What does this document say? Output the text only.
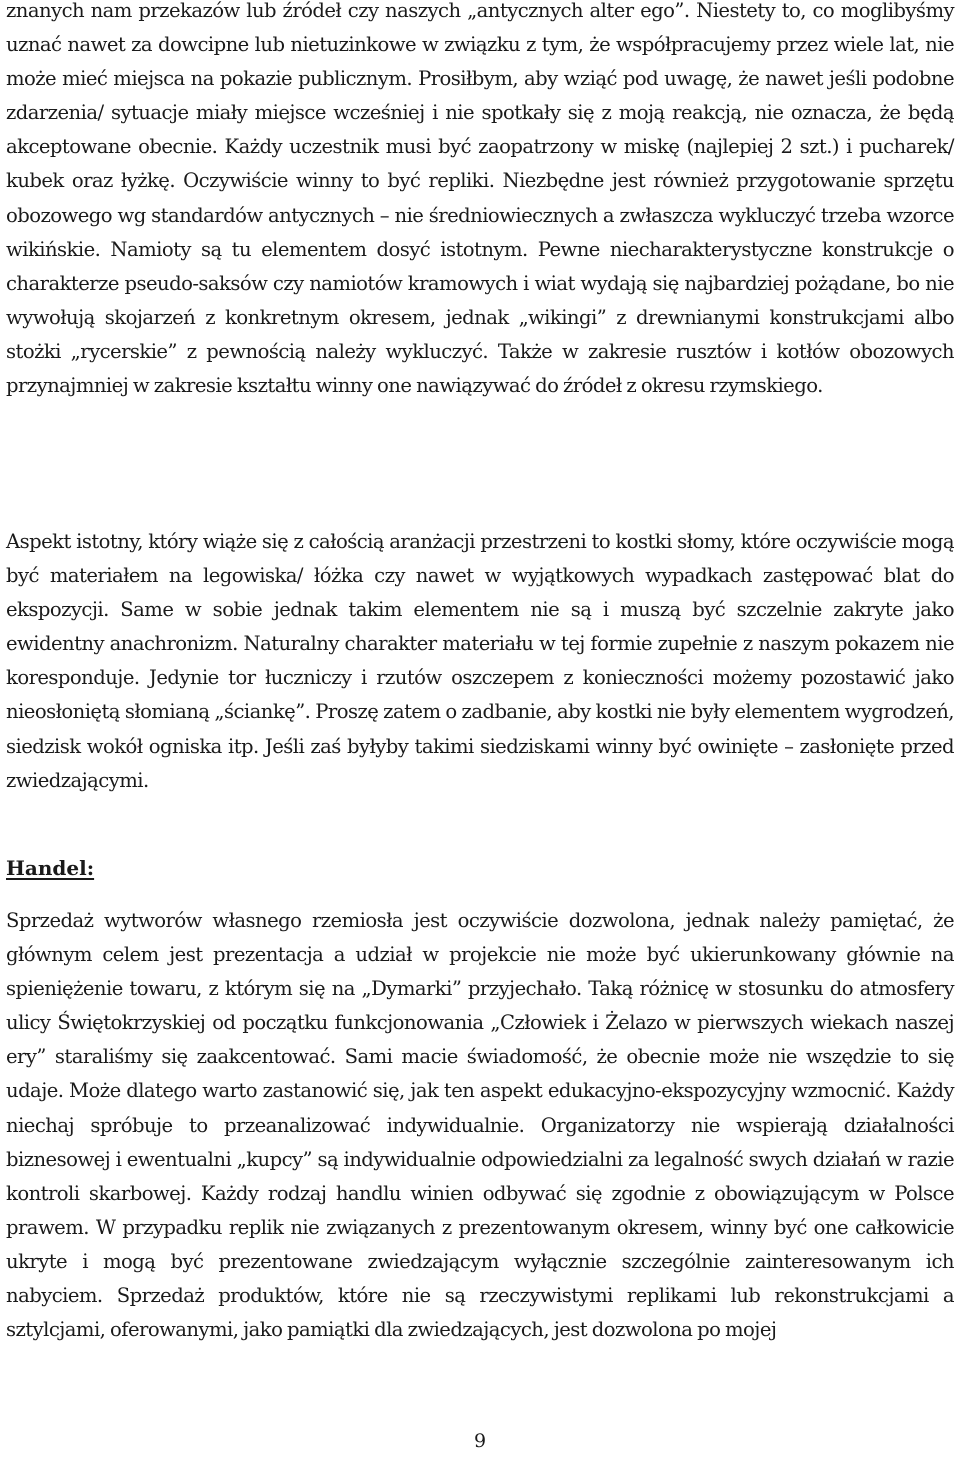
znanych nam przekazów lub źródeł czy naszych „antycznych alter ego”. Niestety to, co moglibyśmy uznać nawet za dowcipne lub nietuzinkowe w związku z tym, że współpracujemy przez wiele lat, nie może mieć miejsca na pokazie publicznym. Prosiłbym, aby wziąć pod uwagę, że nawet jeśli podobne zdarzenia/ sytuacje miały miejsce wcześniej i nie spotkały się z moją reakcją, nie oznacza, że będą akceptowane obecnie. Każdy uczestnik musi być zaopatrzony w miskę (najlepiej 2 szt.) i pucharek/ kubek oraz łyżkę. Oczywiście winny to być repliki. Niezbędne jest również przygotowanie sprzętu obozowego wg standardów antycznych – nie średniowiecznych a zwłaszcza wykluczyć trzeba wzorce wikińskie. Namioty są tu elementem dosyć istotnym. Pewne niecharakterystyczne konstrukcje o charakterze pseudo-saksów czy namiotów kramowych i wiat wydają się najbardziej pożądane, bo nie wywołują skojarzeń z konkretnym okresem, jednak „wikingi” z drewnianymi konstrukcjami albo stożki „rycerskie” z pewnością należy wykluczyć. Także w zakresie rusztów i kotłów obozowych przynajmniej w zakresie kształtu winny one nawiązywać do źródeł z okresu rzymskiego.

Aspekt istotny, który wiąże się z całością aranżacji przestrzeni to kostki słomy, które oczywiście mogą być materiałem na legowiska/ łóżka czy nawet w wyjątkowych wypadkach zastępować blat do ekspozycji. Same w sobie jednak takim elementem nie są i muszą być szczelnie zakryte jako ewidentny anachronizm. Naturalny charakter materiału w tej formie zupełnie z naszym pokazem nie koresponduje. Jedynie tor łuczniczy i rzutów oszczepem z konieczności możemy pozostawić jako nieosłoniętą słomianą „ściankę”. Proszę zatem o zadbanie, aby kostki nie były elementem wygrodzeń, siedzisk wokół ogniska itp. Jeśli zaś byłyby takimi siedziskami winny być owinięte – zasłonięte przed zwiedzającymi.

Handel:

Sprzedaż wytworów własnego rzemiosła jest oczywiście dozwolona, jednak należy pamiętać, że głównym celem jest prezentacja a udział w projekcie nie może być ukierunkowany głównie na spieniężenie towaru, z którym się na „Dymarki” przyjechało. Taką różnicę w stosunku do atmosfery ulicy Świętokrzyskiej od początku funkcjonowania „Człowiek i Żelazo w pierwszych wiekach naszej ery” staraliśmy się zaakcentować. Sami macie świadomość, że obecnie może nie wszędzie to się udaje. Może dlatego warto zastanowić się, jak ten aspekt edukacyjno-ekspozycyjny wzmocnić. Każdy niechaj spróbuje to przeanalizować indywidualnie. Organizatorzy nie wspierają działalności biznesowej i ewentualni „kupcy” są indywidualnie odpowiedzialni za legalność swych działań w razie kontroli skarbowej. Każdy rodzaj handlu winien odbywać się zgodnie z obowiązującym w Polsce prawem. W przypadku replik nie związanych z prezentowanym okresem, winny być one całkowicie ukryte i mogą być prezentowane zwiedzającym wyłącznie szczególnie zainteresowanym ich nabyciem. Sprzedaż produktów, które nie są rzeczywistymi replikami lub rekonstrukcjami a sztylcjami, oferowanymi, jako pamiątki dla zwiedzających, jest dozwolona po mojej

9
